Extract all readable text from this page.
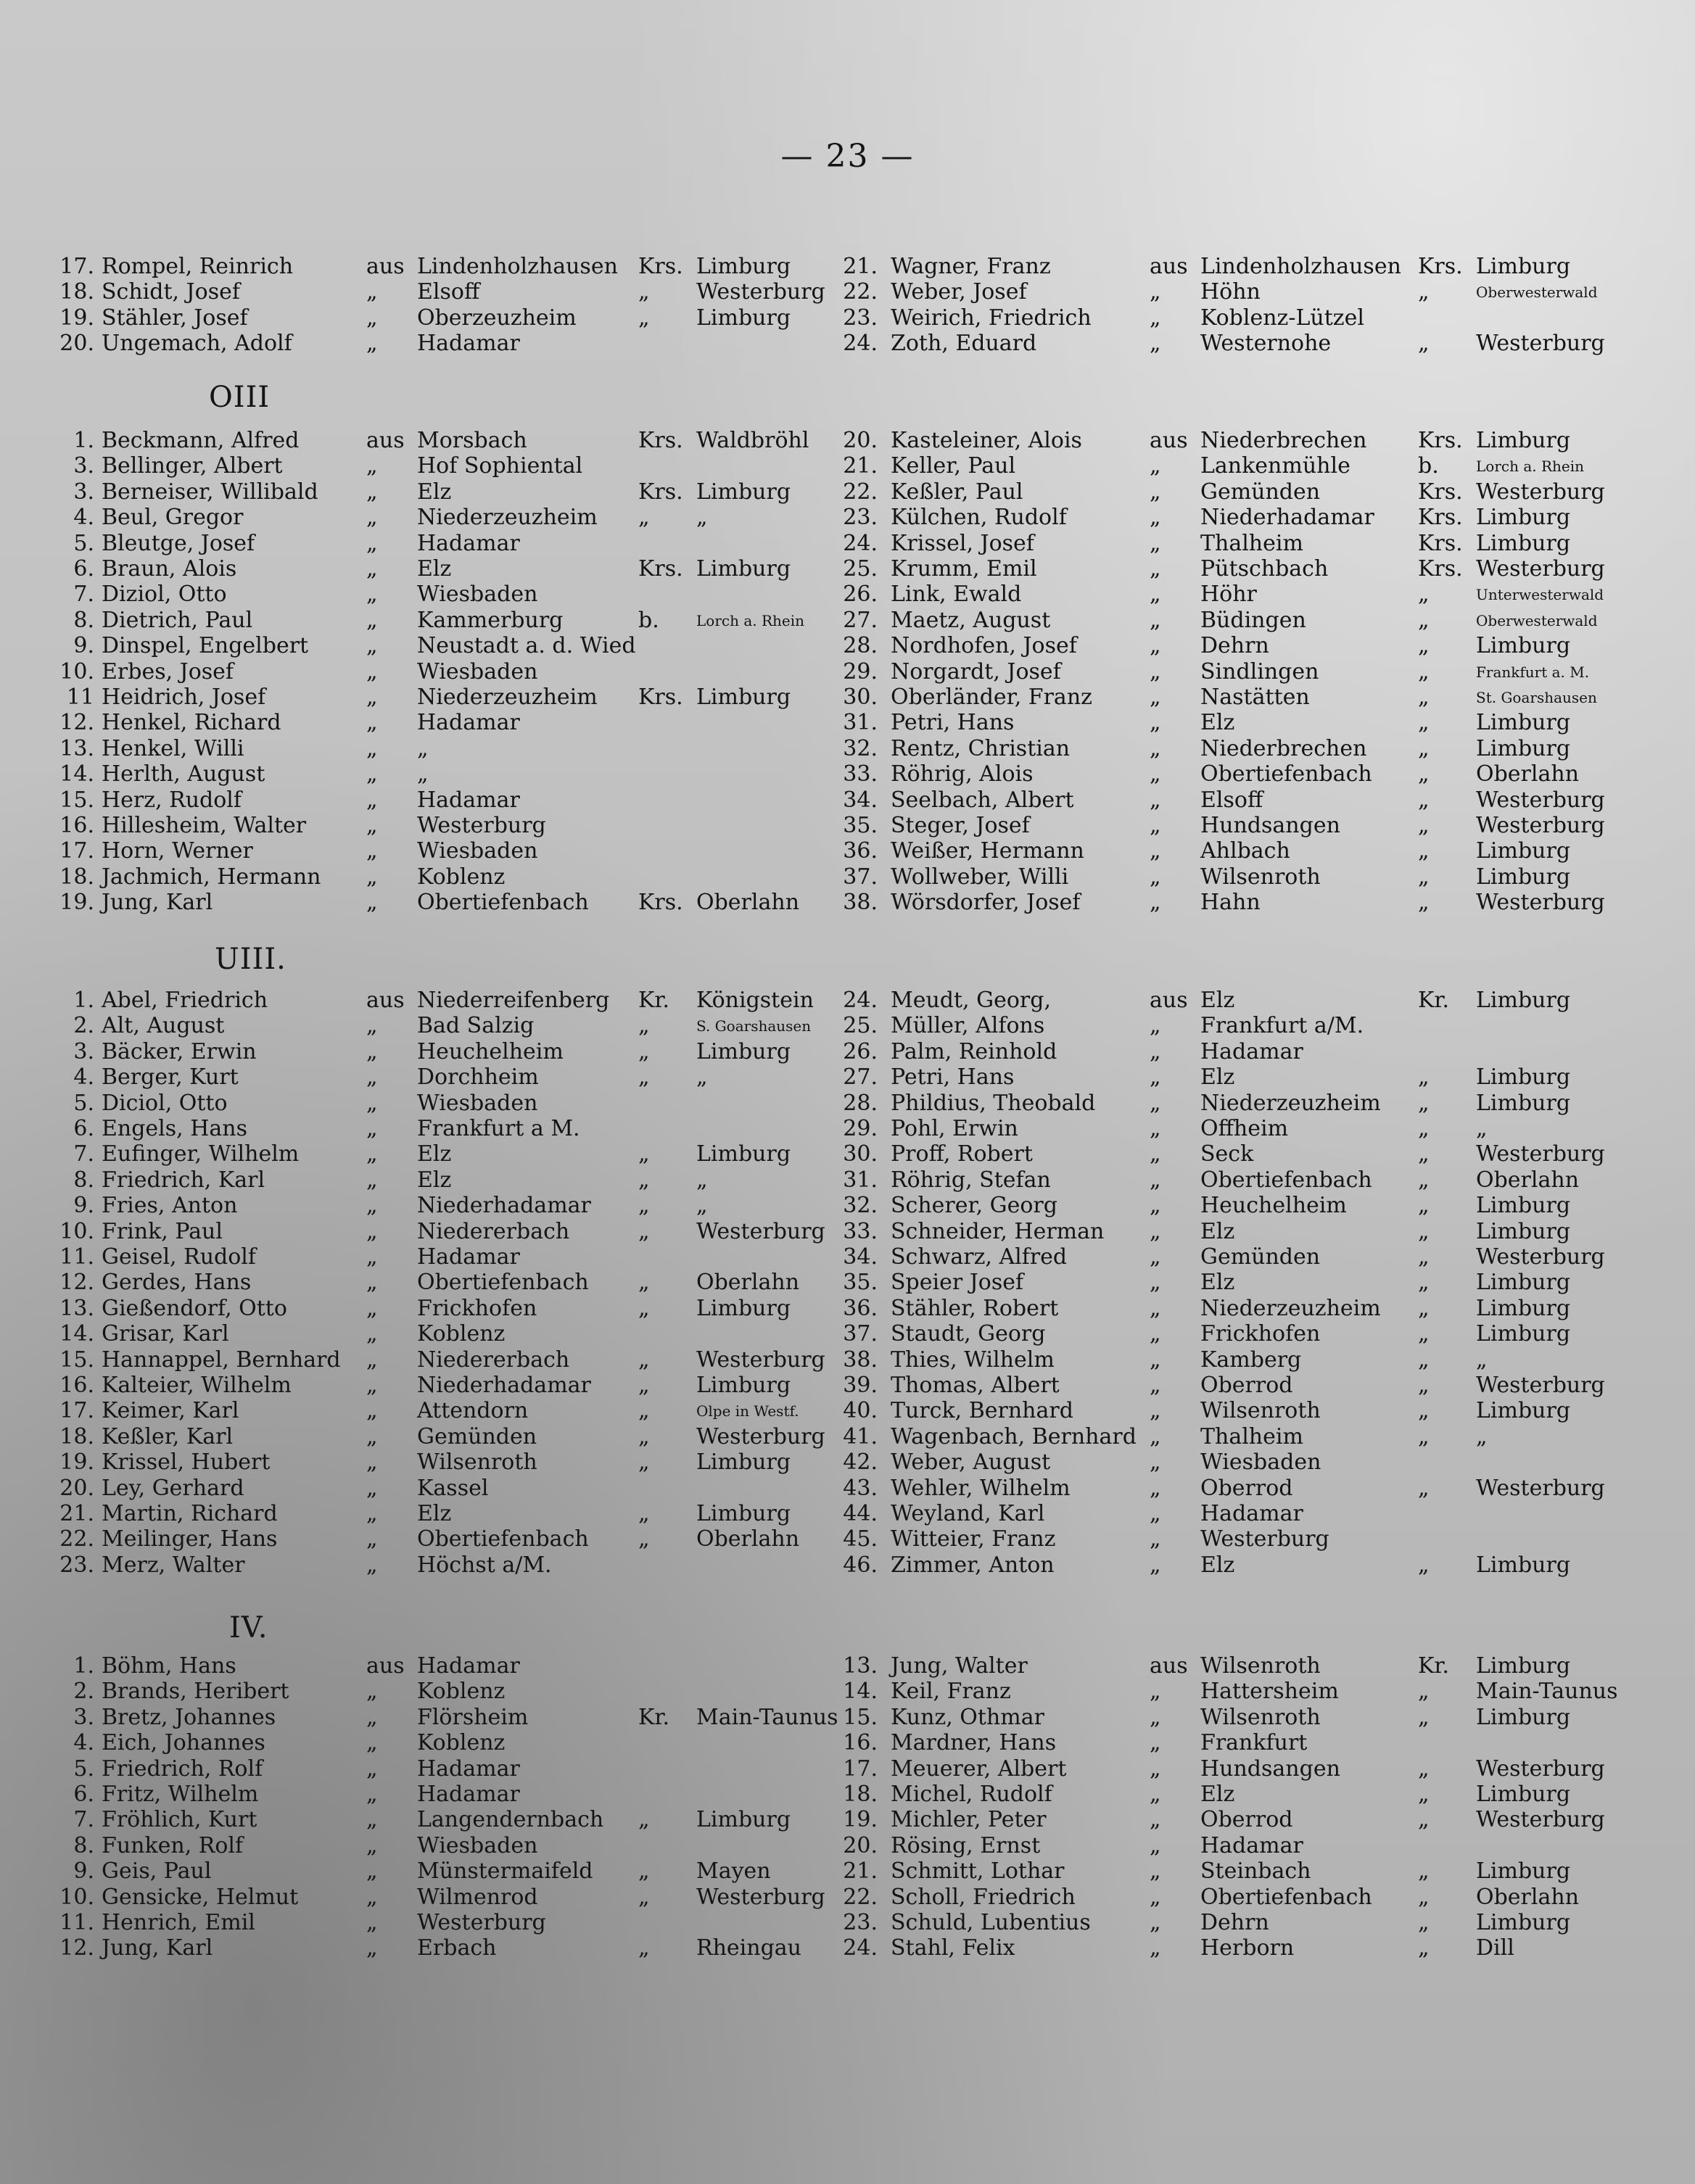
— 23 —
17. Rompel, Reinrich	aus Lindenholzhausen Krs. Limburg
18. Schidt, Josef	„ Elsoff	„ Westerburg
19. Stähler, Josef	„ Oberzeuzheim	„ Limburg
20. Ungemach, Adolf	„ Hadamar
21. Wagner, Franz	aus Lindenholzhausen Krs. Limburg
22. Weber, Josef	„ Höhn	„	Oberwesterwald
23. Weirich, Friedrich	„ Koblenz-Lützel
24. Zoth, Eduard	„ Westernohe	„ Westerburg
OIII
1. Beckmann, Alfred	aus Morsbach	Krs. Waldbröhl
3. Bellinger, Albert	„ Hof Sophiental
3. Berneiser, Willibald „ Elz	Krs. Limburg
4. Beul, Gregor	„ Niederzeuzheim „ „
5. Bleutge, Josef	„ Hadamar
6. Braun, Alois	„ Elz	Krs. Limburg
7. Diziol, Otto	„ Wiesbaden
8. Dietrich, Paul	„ Kammerburg	b.	Lorch a. Rhein
9. Dinspel, Engelbert	„ Neustadt a. d. Wied
10. Erbes, Josef	„ Wiesbaden
11 Heidrich, Josef	„ Niederzeuzheim Krs. Limburg
12. Henkel, Richard	„ Hadamar
13. Henkel, Willi	„ „
14. Herlth, August	„ „
15. Herz, Rudolf	„ Hadamar
16. Hillesheim, Walter	„ Westerburg
17. Horn, Werner	„ Wiesbaden
18. Jachmich, Hermann „ Koblenz
19. Jung, Karl	„ Obertiefenbach Krs. Oberlahn
20. Kasteleiner, Alois	aus Niederbrechen Krs. Limburg
21. Keller, Paul	„ Lankenmühle	b.	Lorch a. Rhein
22. Keßler, Paul	„ Gemünden	Krs. Westerburg
23. Külchen, Rudolf	„ Niederhadamar Krs. Limburg
24. Krissel, Josef	„ Thalheim	Krs. Limburg
25. Krumm, Emil	„ Pütschbach	Krs. Westerburg
26. Link, Ewald	„ Höhr	„	Unterwesterwald
27. Maetz, August	„ Büdingen	„	Oberwesterwald
28. Nordhofen, Josef	„ Dehrn	„ Limburg
29. Norgardt, Josef	„ Sindlingen	„	Frankfurt a. M.
30. Oberländer, Franz	„ Nastätten	„	St. Goarshausen
31. Petri, Hans	„ Elz	„ Limburg
32. Rentz, Christian	„ Niederbrechen „ Limburg
33. Röhrig, Alois	„ Obertiefenbach „ Oberlahn
34. Seelbach, Albert	„ Elsoff	„ Westerburg
35. Steger, Josef	„ Hundsangen	„ Westerburg
36. Weißer, Hermann	„ Ahlbach	„ Limburg
37. Wollweber, Willi	„ Wilsenroth	„ Limburg
38. Wörsdorfer, Josef	„ Hahn	„ Westerburg
UIII.
1. Abel, Friedrich	aus Niederreifenberg Kr. Königstein
2. Alt, August	„ Bad Salzig	„	S. Goarshausen
3. Bäcker, Erwin	„ Heuchelheim	„ Limburg
4. Berger, Kurt	„ Dorchheim	„ „
5. Diciol, Otto	„ Wiesbaden
6. Engels, Hans	„ Frankfurt a M.
7. Eufinger, Wilhelm	„ Elz	„ Limburg
8. Friedrich, Karl	„ Elz	„ „
9. Fries, Anton	„ Niederhadamar „ „
10. Frink, Paul	„ Niedererbach	„ Westerburg
11. Geisel, Rudolf	„ Hadamar
12. Gerdes, Hans	„ Obertiefenbach „ Oberlahn
13. Gießendorf, Otto	„ Frickhofen	„ Limburg
14. Grisar, Karl	„ Koblenz
15. Hannappel, Bernhard „ Niedererbach	„ Westerburg
16. Kalteier, Wilhelm	„ Niederhadamar „ Limburg
17. Keimer, Karl	„ Attendorn	„	Olpe in Westf.
18. Keßler, Karl	„ Gemünden	„ Westerburg
19. Krissel, Hubert	„ Wilsenroth	„ Limburg
20. Ley, Gerhard	„ Kassel
21. Martin, Richard	„ Elz	„ Limburg
22. Meilinger, Hans	„ Obertiefenbach „ Oberlahn
23. Merz, Walter	„ Höchst a/M.
24. Meudt, Georg,	aus Elz	Kr. Limburg
25. Müller, Alfons	„ Frankfurt a/M.
26. Palm, Reinhold	„ Hadamar
27. Petri, Hans	„ Elz	„ Limburg
28. Phildius, Theobald „ Niederzeuzheim „ Limburg
29. Pohl, Erwin	„ Offheim	„ „
30. Proff, Robert	„ Seck	„ Westerburg
31. Röhrig, Stefan	„ Obertiefenbach „ Oberlahn
32. Scherer, Georg	„ Heuchelheim	„ Limburg
33. Schneider, Herman „ Elz	„ Limburg
34. Schwarz, Alfred	„ Gemünden	„ Westerburg
35. Speier Josef	„ Elz	„ Limburg
36. Stähler, Robert	„ Niederzeuzheim „ Limburg
37. Staudt, Georg	„ Frickhofen	„ Limburg
38. Thies, Wilhelm	„ Kamberg	„ „
39. Thomas, Albert	„ Oberrod	„ Westerburg
40. Turck, Bernhard	„ Wilsenroth	„ Limburg
41. Wagenbach, Bernhard „ Thalheim	„ „
42. Weber, August	„ Wiesbaden
43. Wehler, Wilhelm	„ Oberrod	„ Westerburg
44. Weyland, Karl	„ Hadamar
45. Witteier, Franz	„ Westerburg
46. Zimmer, Anton	„ Elz	„ Limburg
IV.
1. Böhm, Hans	aus Hadamar
2. Brands, Heribert	„ Koblenz
3. Bretz, Johannes	„ Flörsheim	Kr. Main-Taunus
4. Eich, Johannes	„ Koblenz
5. Friedrich, Rolf	„ Hadamar
6. Fritz, Wilhelm	„ Hadamar
7. Fröhlich, Kurt	„ Langendernbach „ Limburg
8. Funken, Rolf	„ Wiesbaden
9. Geis, Paul	„ Münstermaifeld „ Mayen
10. Gensicke, Helmut	„ Wilmenrod	„ Westerburg
11. Henrich, Emil	„ Westerburg
12. Jung, Karl	„ Erbach	„ Rheingau
13. Jung, Walter	aus Wilsenroth	Kr. Limburg
14. Keil, Franz	„ Hattersheim	„ Main-Taunus
15. Kunz, Othmar	„ Wilsenroth	„ Limburg
16. Mardner, Hans	„ Frankfurt
17. Meuerer, Albert	„ Hundsangen	„ Westerburg
18. Michel, Rudolf	„ Elz	„ Limburg
19. Michler, Peter	„ Oberrod	„ Westerburg
20. Rösing, Ernst	„ Hadamar
21. Schmitt, Lothar	„ Steinbach	„ Limburg
22. Scholl, Friedrich	„ Obertiefenbach „ Oberlahn
23. Schuld, Lubentius	„ Dehrn	„ Limburg
24. Stahl, Felix	„ Herborn	„ Dill
